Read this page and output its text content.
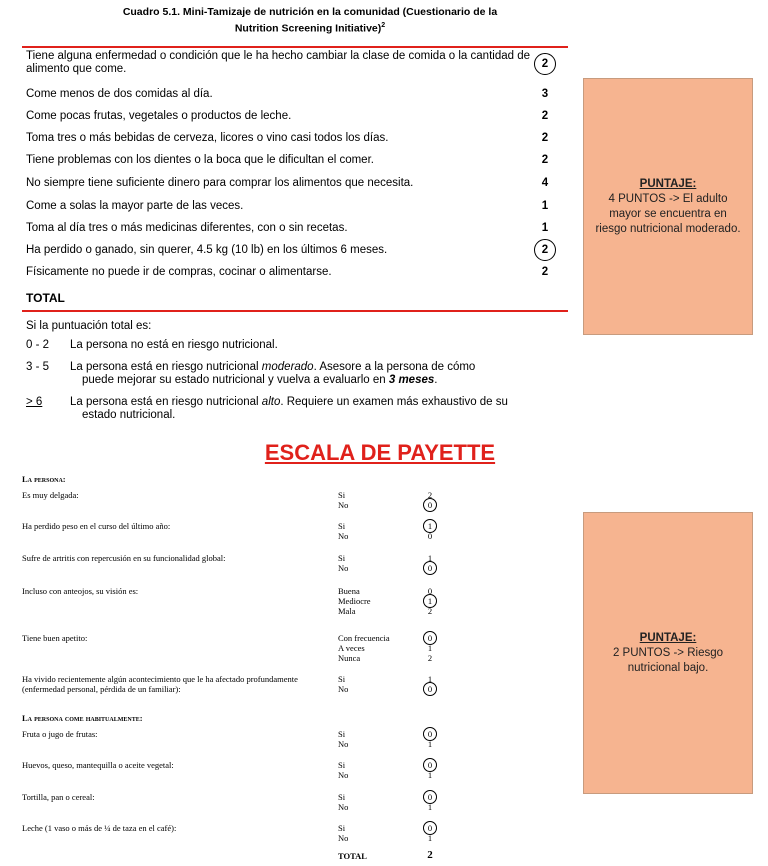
Cuadro 5.1. Mini-Tamizaje de nutrición en la comunidad (Cuestionario de la
Nutrition Screening Initiative)$^2$
Tiene alguna enfermedad o condición que le ha hecho cambiar la clase de comida o la cantidad de alimento que come.	2
Come menos de dos comidas al día.	3
Come pocas frutas, vegetales o productos de leche.	2
Toma tres o más bebidas de cerveza, licores o vino casi todos los días.	2
Tiene problemas con los dientes o la boca que le dificultan el comer.	2
No siempre tiene suficiente dinero para comprar los alimentos que necesita.	4
Come a solas la mayor parte de las veces.	1
Toma al día tres o más medicinas diferentes, con o sin recetas.	1
Ha perdido o ganado, sin querer, 4.5 kg (10 lb) en los últimos 6 meses.	2
Físicamente no puede ir de compras, cocinar o alimentarse.	2
TOTAL
Si la puntuación total es:
0 - 2 La persona no está en riesgo nutricional.
3 - 5 La persona está en riesgo nutricional moderado. Asesore a la persona de cómo
puede mejorar su estado nutricional y vuelva a evaluarlo en 3 meses.
> 6 La persona está en riesgo nutricional alto. Requiere un examen más exhaustivo de su
estado nutricional.
PUNTAJE:
4 PUNTOS -> El adulto mayor se encuentra en riesgo nutricional moderado.
ESCALA DE PAYETTE
La persona:
La persona come habitualmente:
Es muy delgada:	Si	2
No	0
Ha perdido peso en el curso del último año:	Si	1
No	0
Sufre de artritis con repercusión en su funcionalidad global:	Si	1
No	0
Incluso con anteojos, su visión es:	Buena	0
Mediocre	1
Mala	2
Tiene buen apetito:	Con frecuencia	0
A veces	1
Nunca	2
Ha vivido recientemente algún acontecimiento que le ha afectado profundamente (enfermedad personal, pérdida de un familiar):
Si	1
No	0
Fruta o jugo de frutas:	Si	0
No	1
Huevos, queso, mantequilla o aceite vegetal:	Si	0
No	1
Tortilla, pan o cereal:	Si	0
No	1
Leche (1 vaso o más de ¼ de taza en el café):	Si	0
No	1
TOTAL	2
PUNTAJE:
2 PUNTOS -> Riesgo nutricional bajo.
